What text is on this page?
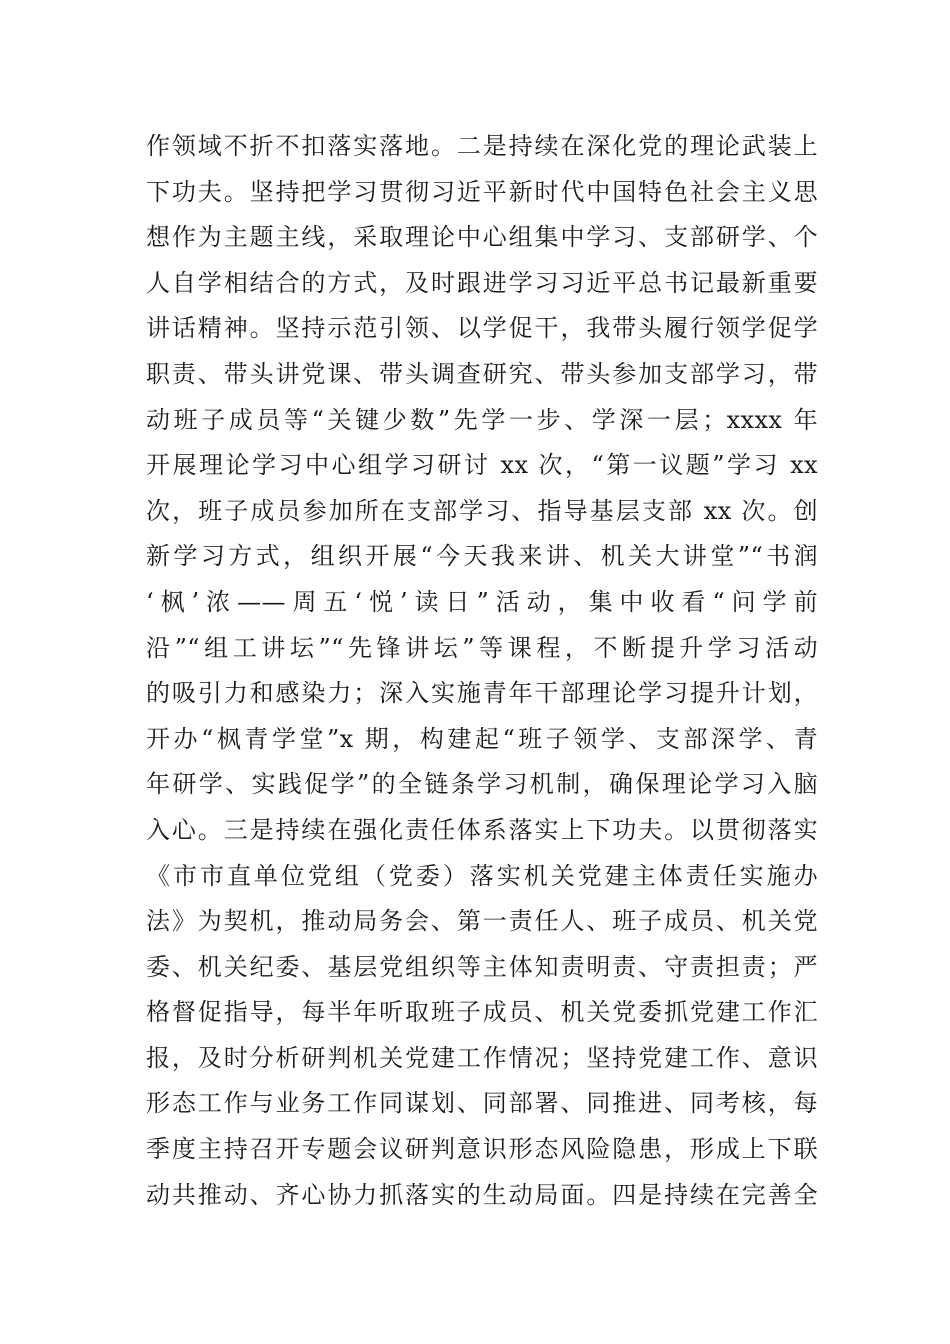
作领域不折不扣落实落地。二是持续在深化党的理论武装上
下功夫。坚持把学习贯彻习近平新时代中国特色社会主义思
想作为主题主线，采取理论中心组集中学习、支部研学、个
人自学相结合的方式，及时跟进学习习近平总书记最新重要
讲话精神。坚持示范引领、以学促干，我带头履行领学促学
职责、带头讲党课、带头调查研究、带头参加支部学习，带
动班子成员等“关键少数”先学一步、学深一层；xxxx 年
开展理论学习中心组学习研讨 xx 次，“第一议题”学习 xx
次，班子成员参加所在支部学习、指导基层支部 xx 次。创
新学习方式，组织开展“今天我来讲、机关大讲堂”“书润
‘枫’浓——周五‘悦’读日”活动，集中收看“问学前
沿”“组工讲坛”“先锋讲坛”等课程，不断提升学习活动
的吸引力和感染力；深入实施青年干部理论学习提升计划，
开办“枫青学堂”x 期，构建起“班子领学、支部深学、青
年研学、实践促学”的全链条学习机制，确保理论学习入脑
入心。三是持续在强化责任体系落实上下功夫。以贯彻落实
《市市直单位党组（党委）落实机关党建主体责任实施办
法》为契机，推动局务会、第一责任人、班子成员、机关党
委、机关纪委、基层党组织等主体知责明责、守责担责；严
格督促指导，每半年听取班子成员、机关党委抓党建工作汇
报，及时分析研判机关党建工作情况；坚持党建工作、意识
形态工作与业务工作同谋划、同部署、同推进、同考核，每
季度主持召开专题会议研判意识形态风险隐患，形成上下联
动共推动、齐心协力抓落实的生动局面。四是持续在完善全
